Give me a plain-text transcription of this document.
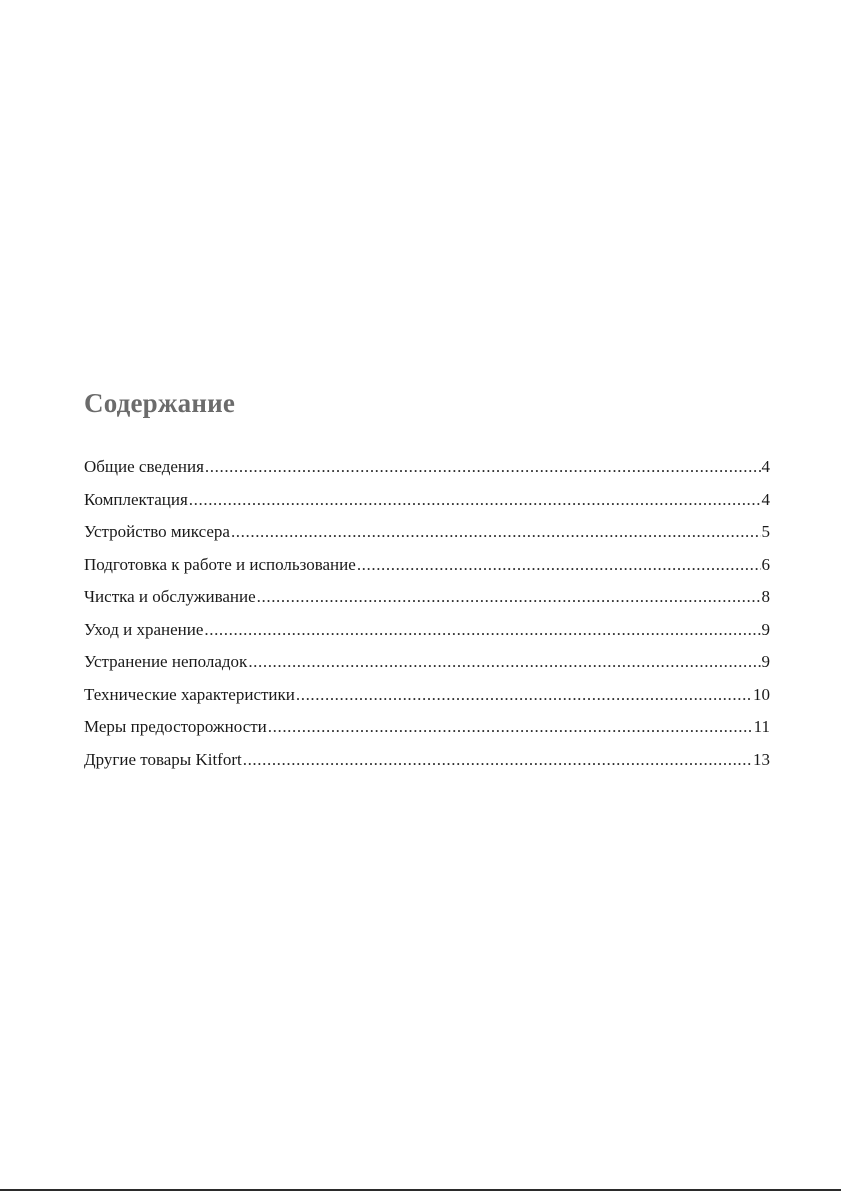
Содержание
Общие сведения .....	4
Комплектация .....	4
Устройство миксера .....	5
Подготовка к работе и использование .....	6
Чистка и обслуживание .....	8
Уход и хранение .....	9
Устранение неполадок .....	9
Технические характеристики .....	10
Меры предосторожности .....	11
Другие товары Kitfort .....	13
